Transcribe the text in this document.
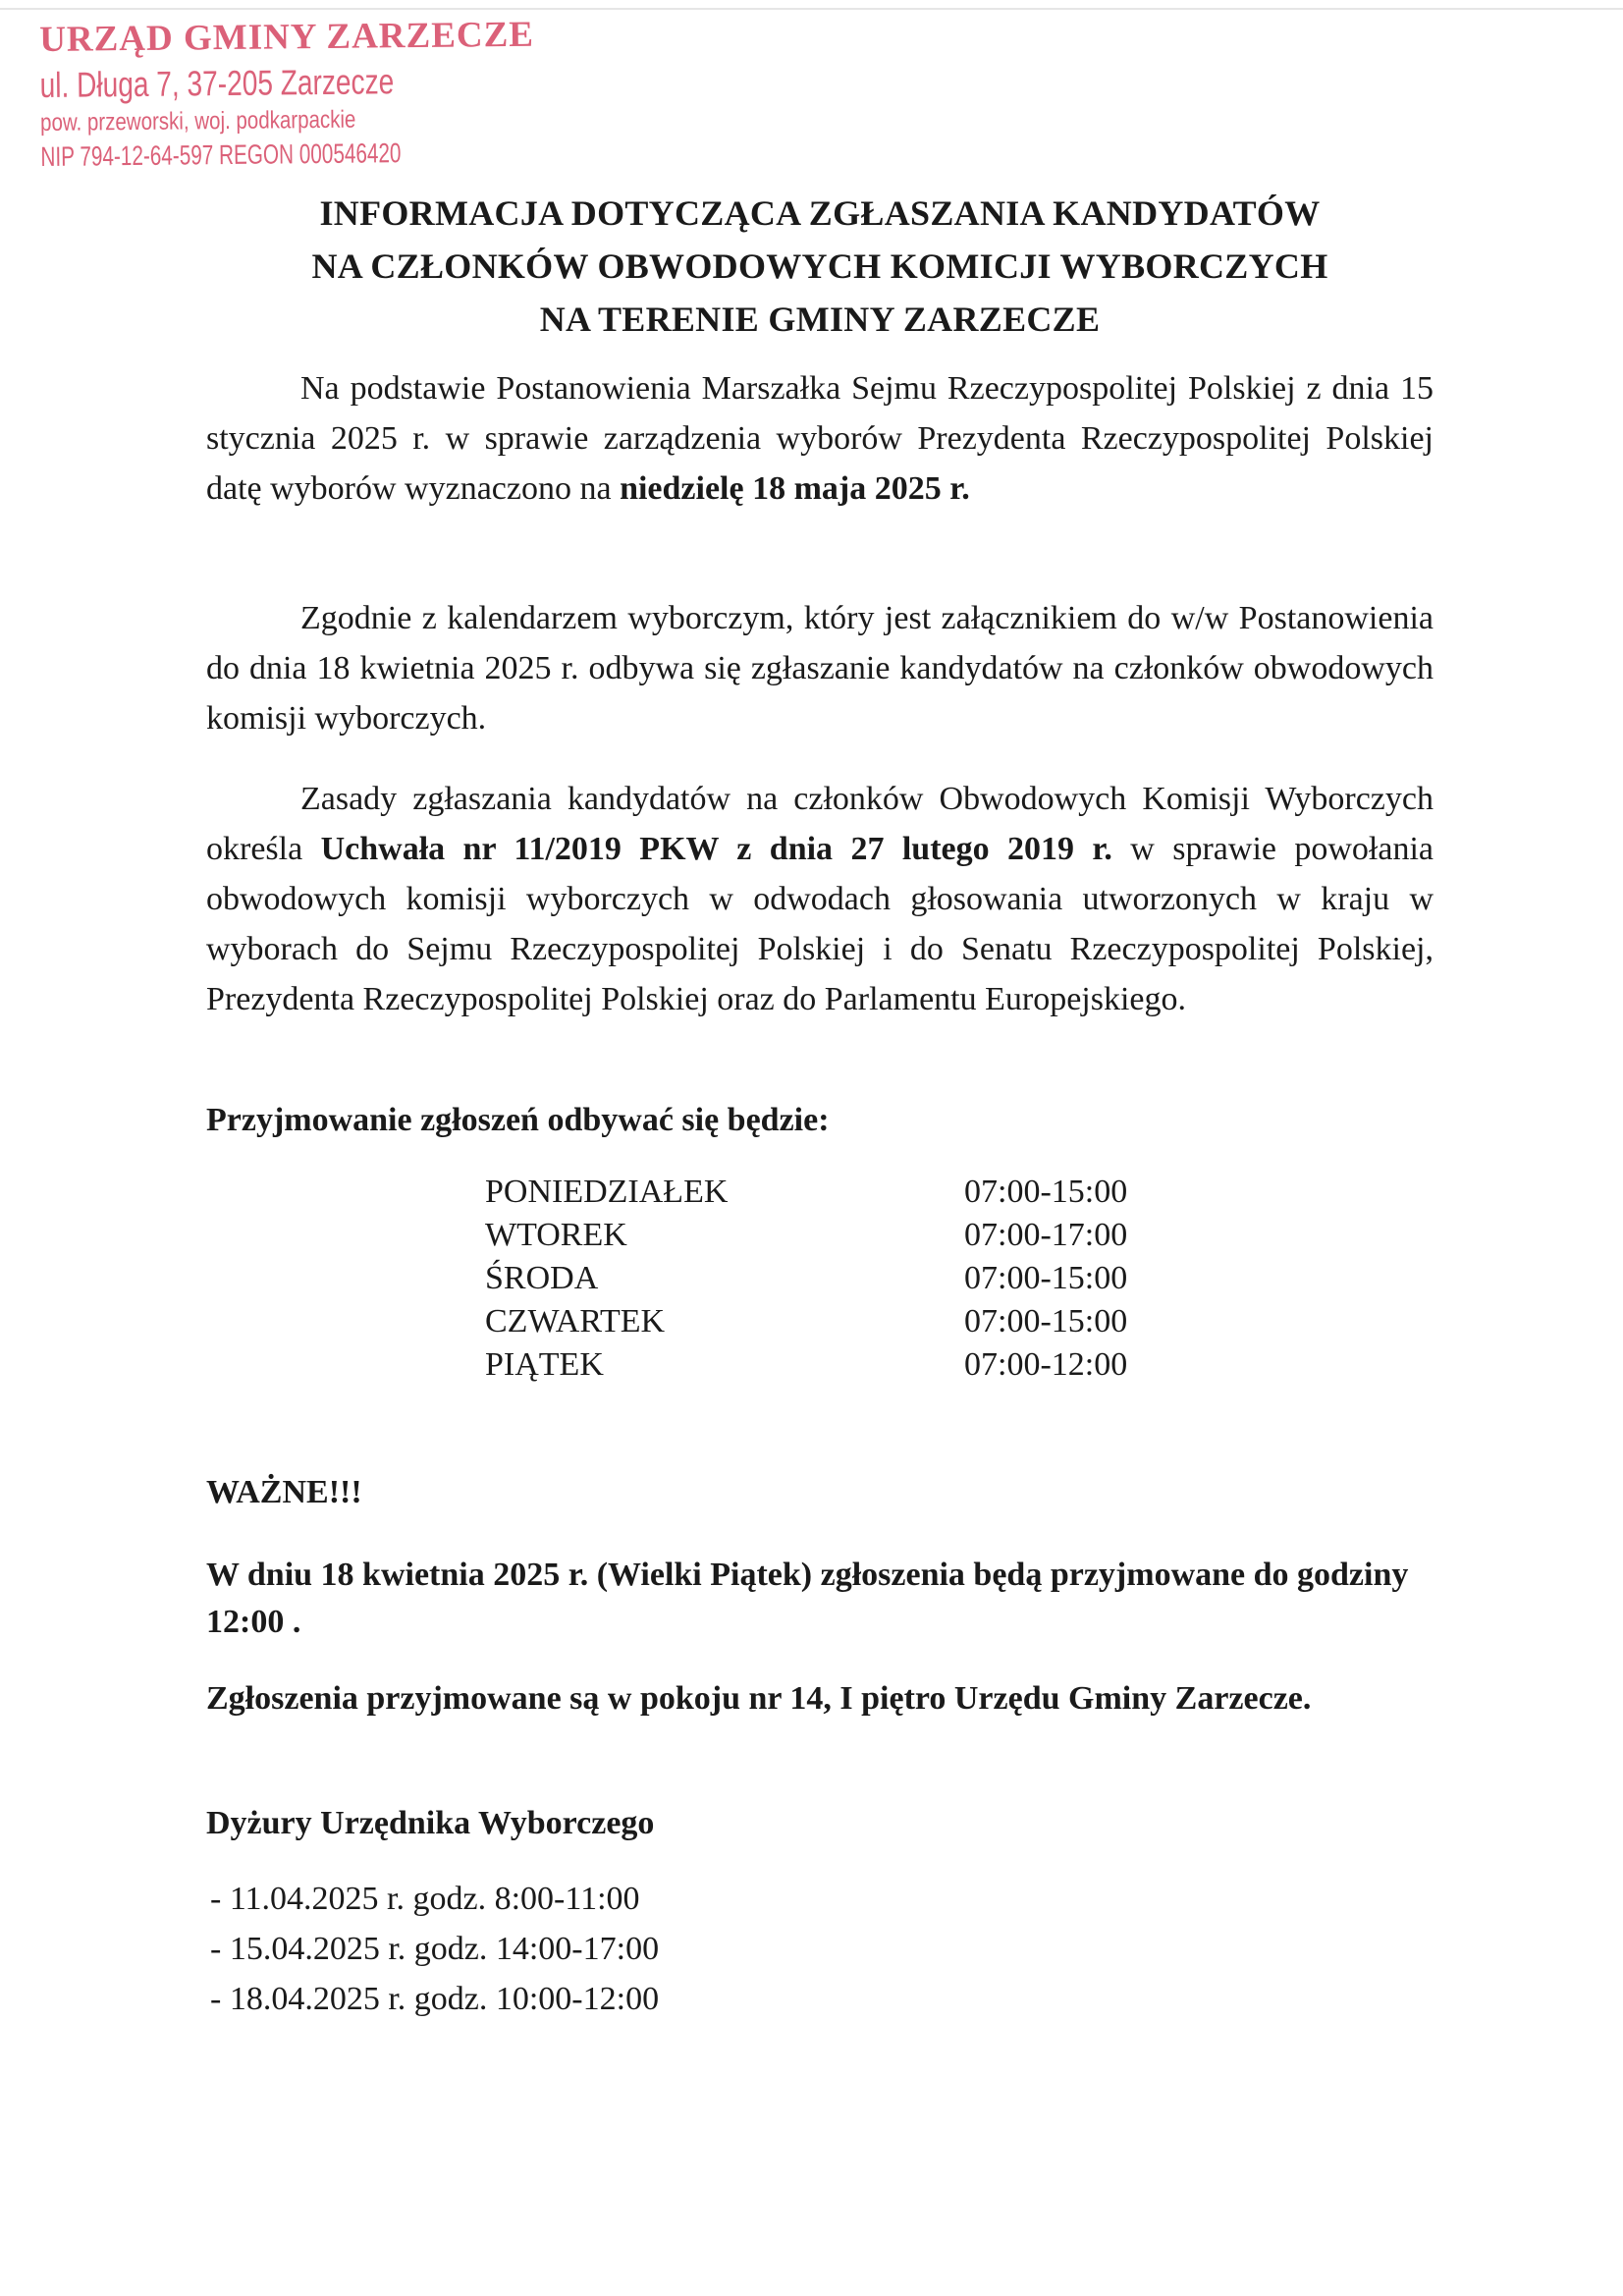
URZĄD GMINY ZARZECZE
ul. Długa 7, 37-205 Zarzecze
pow. przeworski, woj. podkarpackie
NIP 794-12-64-597 REGON 000546420
INFORMACJA DOTYCZĄCA ZGŁASZANIA KANDYDATÓW
NA CZŁONKÓW OBWODOWYCH KOMICJI WYBORCZYCH
NA TERENIE GMINY ZARZECZE
Na podstawie Postanowienia Marszałka Sejmu Rzeczypospolitej Polskiej z dnia 15 stycznia 2025 r. w sprawie zarządzenia wyborów Prezydenta Rzeczypospolitej Polskiej datę wyborów wyznaczono na niedzielę 18 maja 2025 r.
Zgodnie z kalendarzem wyborczym, który jest załącznikiem do w/w Postanowienia do dnia 18 kwietnia 2025 r. odbywa się zgłaszanie kandydatów na członków obwodowych komisji wyborczych.
Zasady zgłaszania kandydatów na członków Obwodowych Komisji Wyborczych określa Uchwała nr 11/2019 PKW z dnia 27 lutego 2019 r. w sprawie powołania obwodowych komisji wyborczych w odwodach głosowania utworzonych w kraju w wyborach do Sejmu Rzeczypospolitej Polskiej i do Senatu Rzeczypospolitej Polskiej, Prezydenta Rzeczypospolitej Polskiej oraz do Parlamentu Europejskiego.
Przyjmowanie zgłoszeń odbywać się będzie:
PONIEDZIAŁEK	07:00-15:00
WTOREK	07:00-17:00
ŚRODA	07:00-15:00
CZWARTEK	07:00-15:00
PIĄTEK	07:00-12:00
WAŻNE!!!
W dniu 18 kwietnia 2025 r. (Wielki Piątek) zgłoszenia będą przyjmowane do godziny 12:00 .
Zgłoszenia przyjmowane są w pokoju nr 14, I piętro Urzędu Gminy Zarzecze.
Dyżury Urzędnika Wyborczego
- 11.04.2025 r. godz. 8:00-11:00
- 15.04.2025 r. godz. 14:00-17:00
- 18.04.2025 r. godz. 10:00-12:00
